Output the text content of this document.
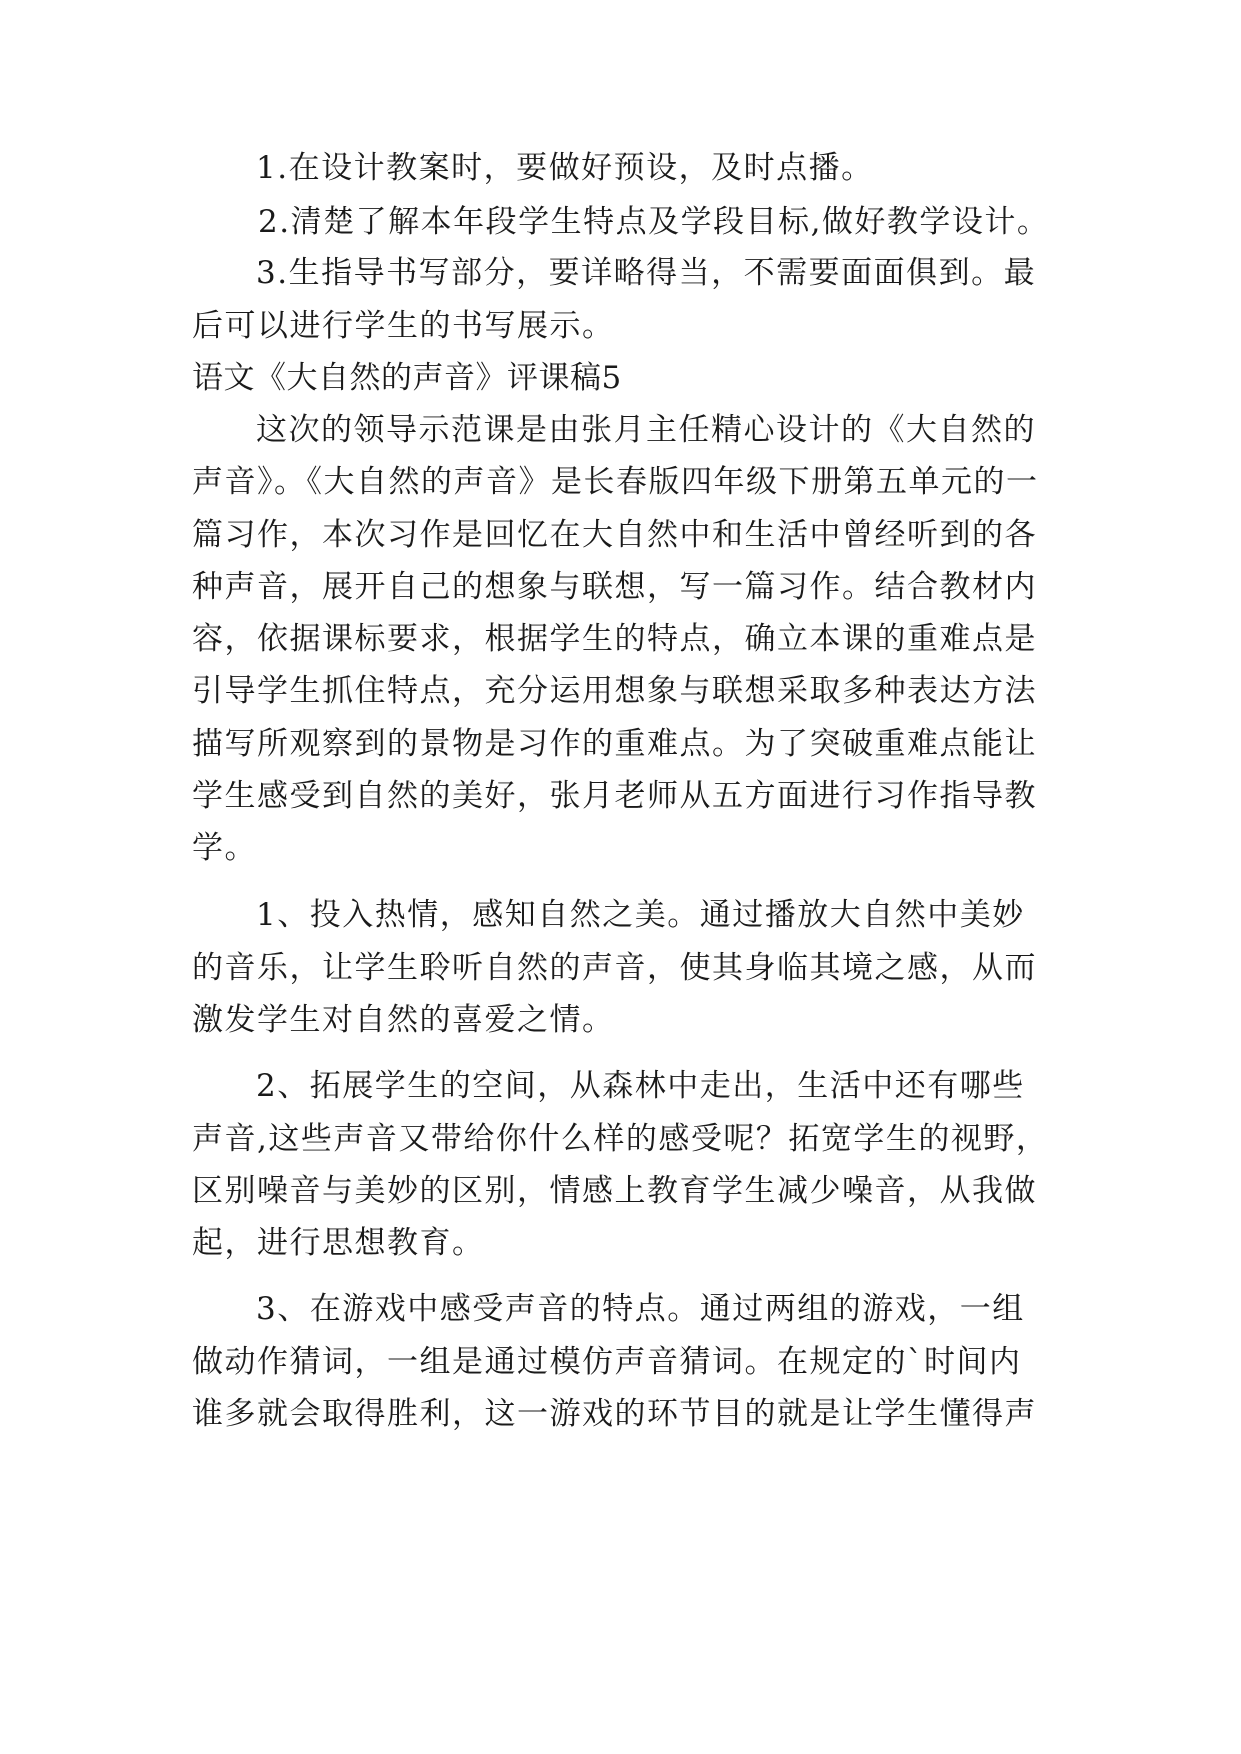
1.在设计教案时，要做好预设，及时点播。
2.清楚了解本年段学生特点及学段目标,做好教学设计。
3.生指导书写部分，要详略得当，不需要面面俱到。最
后可以进行学生的书写展示。
语文《大自然的声音》评课稿5
这次的领导示范课是由张月主任精心设计的《大自然的
声音》。《大自然的声音》是长春版四年级下册第五单元的一
篇习作，本次习作是回忆在大自然中和生活中曾经听到的各
种声音，展开自己的想象与联想，写一篇习作。结合教材内
容，依据课标要求，根据学生的特点，确立本课的重难点是
引导学生抓住特点，充分运用想象与联想采取多种表达方法
描写所观察到的景物是习作的重难点。为了突破重难点能让
学生感受到自然的美好，张月老师从五方面进行习作指导教
学。
1、投入热情，感知自然之美。通过播放大自然中美妙
的音乐，让学生聆听自然的声音，使其身临其境之感，从而
激发学生对自然的喜爱之情。
2、拓展学生的空间，从森林中走出，生活中还有哪些
声音,这些声音又带给你什么样的感受呢？拓宽学生的视野，
区别噪音与美妙的区别，情感上教育学生减少噪音，从我做
起，进行思想教育。
3、在游戏中感受声音的特点。通过两组的游戏，一组
做动作猜词，一组是通过模仿声音猜词。在规定的`时间内
谁多就会取得胜利，这一游戏的环节目的就是让学生懂得声
